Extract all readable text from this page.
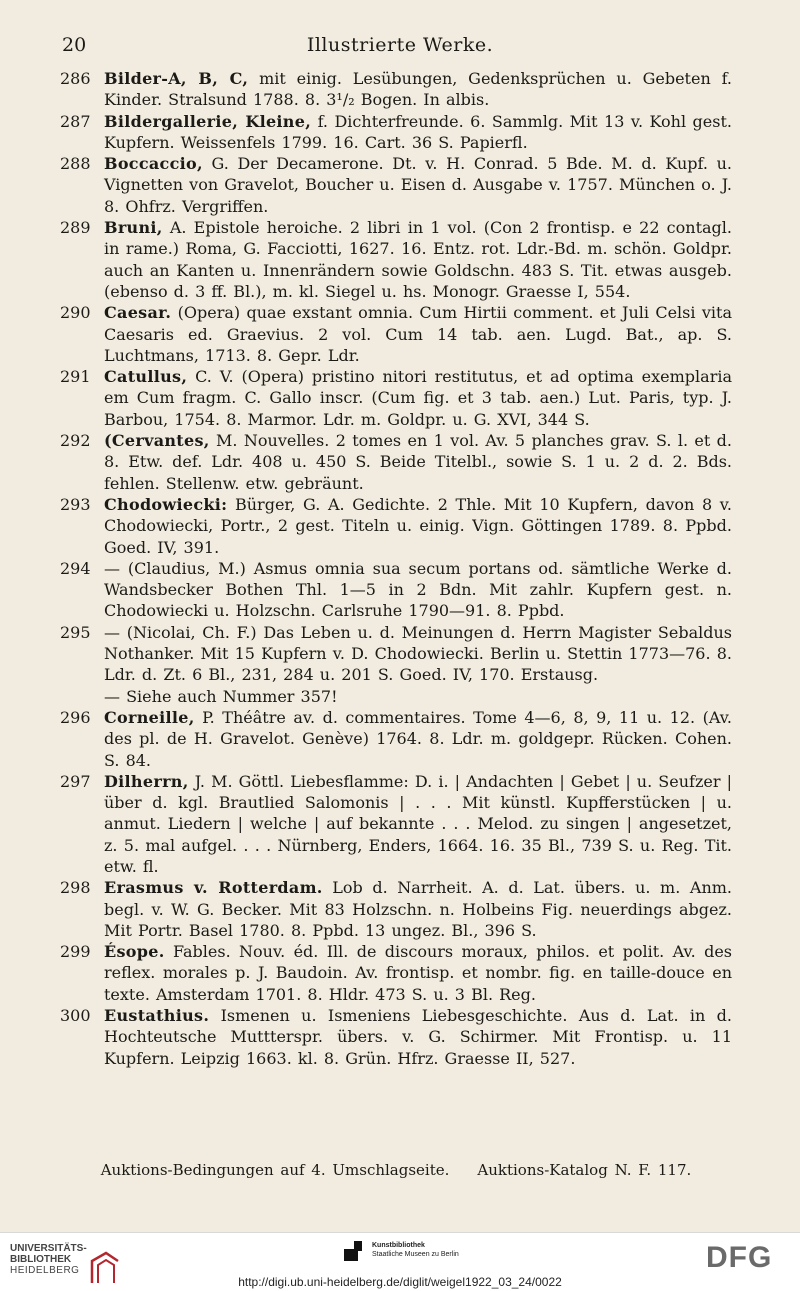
20	Illustrierte Werke.
286 Bilder-A, B, C, mit einig. Lesübungen, Gedenksprüchen u. Gebeten f. Kinder. Stralsund 1788. 8. 3¹/₂ Bogen. In albis.
287 Bildergallerie, Kleine, f. Dichterfreunde. 6. Sammlg. Mit 13 v. Kohl gest. Kupfern. Weissenfels 1799. 16. Cart. 36 S. Papierfl.
288 Boccaccio, G. Der Decamerone. Dt. v. H. Conrad. 5 Bde. M. d. Kupf. u. Vignetten von Gravelot, Boucher u. Eisen d. Ausgabe v. 1757. München o. J. 8. Ohfrz. Vergriffen.
289 Bruni, A. Epistole heroiche. 2 libri in 1 vol. (Con 2 frontisp. e 22 contagl. in rame.) Roma, G. Facciotti, 1627. 16. Entz. rot. Ldr.-Bd. m. schön. Goldpr. auch an Kanten u. Innenrändern sowie Goldschn. 483 S. Tit. etwas ausgeb. (ebenso d. 3 ff. Bl.), m. kl. Siegel u. hs. Monogr. Graesse I, 554.
290 Caesar. (Opera) quae exstant omnia. Cum Hirtii comment. et Juli Celsi vita Caesaris ed. Graevius. 2 vol. Cum 14 tab. aen. Lugd. Bat., ap. S. Luchtmans, 1713. 8. Gepr. Ldr.
291 Catullus, C. V. (Opera) pristino nitori restitutus, et ad optima exemplaria em Cum fragm. C. Gallo inscr. (Cum fig. et 3 tab. aen.) Lut. Paris, typ. J. Barbou, 1754. 8. Marmor. Ldr. m. Goldpr. u. G. XVI, 344 S.
292 (Cervantes, M. Nouvelles. 2 tomes en 1 vol. Av. 5 planches grav. S. l. et d. 8. Etw. def. Ldr. 408 u. 450 S. Beide Titelbl., sowie S. 1 u. 2 d. 2. Bds. fehlen. Stellenw. etw. gebräunt.
293 Chodowiecki: Bürger, G. A. Gedichte. 2 Thle. Mit 10 Kupfern, davon 8 v. Chodowiecki, Portr., 2 gest. Titeln u. einig. Vign. Göttingen 1789. 8. Ppbd. Goed. IV, 391.
294 — (Claudius, M.) Asmus omnia sua secum portans od. sämtliche Werke d. Wandsbecker Bothen Thl. 1—5 in 2 Bdn. Mit zahlr. Kupfern gest. n. Chodowiecki u. Holzschn. Carlsruhe 1790—91. 8. Ppbd.
295 — (Nicolai, Ch. F.) Das Leben u. d. Meinungen d. Herrn Magister Sebaldus Nothanker. Mit 15 Kupfern v. D. Chodowiecki. Berlin u. Stettin 1773—76. 8. Ldr. d. Zt. 6 Bl., 231, 284 u. 201 S. Goed. IV, 170. Erstausg.
— Siehe auch Nummer 357!
296 Corneille, P. Théâtre av. d. commentaires. Tome 4—6, 8, 9, 11 u. 12. (Av. des pl. de H. Gravelot. Genève) 1764. 8. Ldr. m. goldgepr. Rücken. Cohen. S. 84.
297 Dilherrn, J. M. Göttl. Liebesflamme: D. i. | Andachten | Gebet | u. Seufzer | über d. kgl. Brautlied Salomonis | . . . Mit künstl. Kupfferstücken | u. anmut. Liedern | welche | auf bekannte . . . Melod. zu singen | angesetzet, z. 5. mal aufgel. . . . Nürnberg, Enders, 1664. 16. 35 Bl., 739 S. u. Reg. Tit. etw. fl.
298 Erasmus v. Rotterdam. Lob d. Narrheit. A. d. Lat. übers. u. m. Anm. begl. v. W. G. Becker. Mit 83 Holzschn. n. Holbeins Fig. neuerdings abgez. Mit Portr. Basel 1780. 8. Ppbd. 13 ungez. Bl., 396 S.
299 Ésope. Fables. Nouv. éd. Ill. de discours moraux, philos. et polit. Av. des reflex. morales p. J. Baudoin. Av. frontisp. et nombr. fig. en taille-douce en texte. Amsterdam 1701. 8. Hldr. 473 S. u. 3 Bl. Reg.
300 Eustathius. Ismenen u. Ismeniens Liebesgeschichte. Aus d. Lat. in d. Hochteutsche Muttterspr. übers. v. G. Schirmer. Mit Frontisp. u. 11 Kupfern. Leipzig 1663. kl. 8. Grün. Hfrz. Graesse II, 527.
Auktions-Bedingungen auf 4. Umschlagseite. Auktions-Katalog N. F. 117.
UNIVERSITÄTS-
BIBLIOTHEK
HEIDELBERG
Kunstbibliothek
Staatliche Museen zu Berlin	DFG
http://digi.ub.uni-heidelberg.de/diglit/weigel1922_03_24/0022
